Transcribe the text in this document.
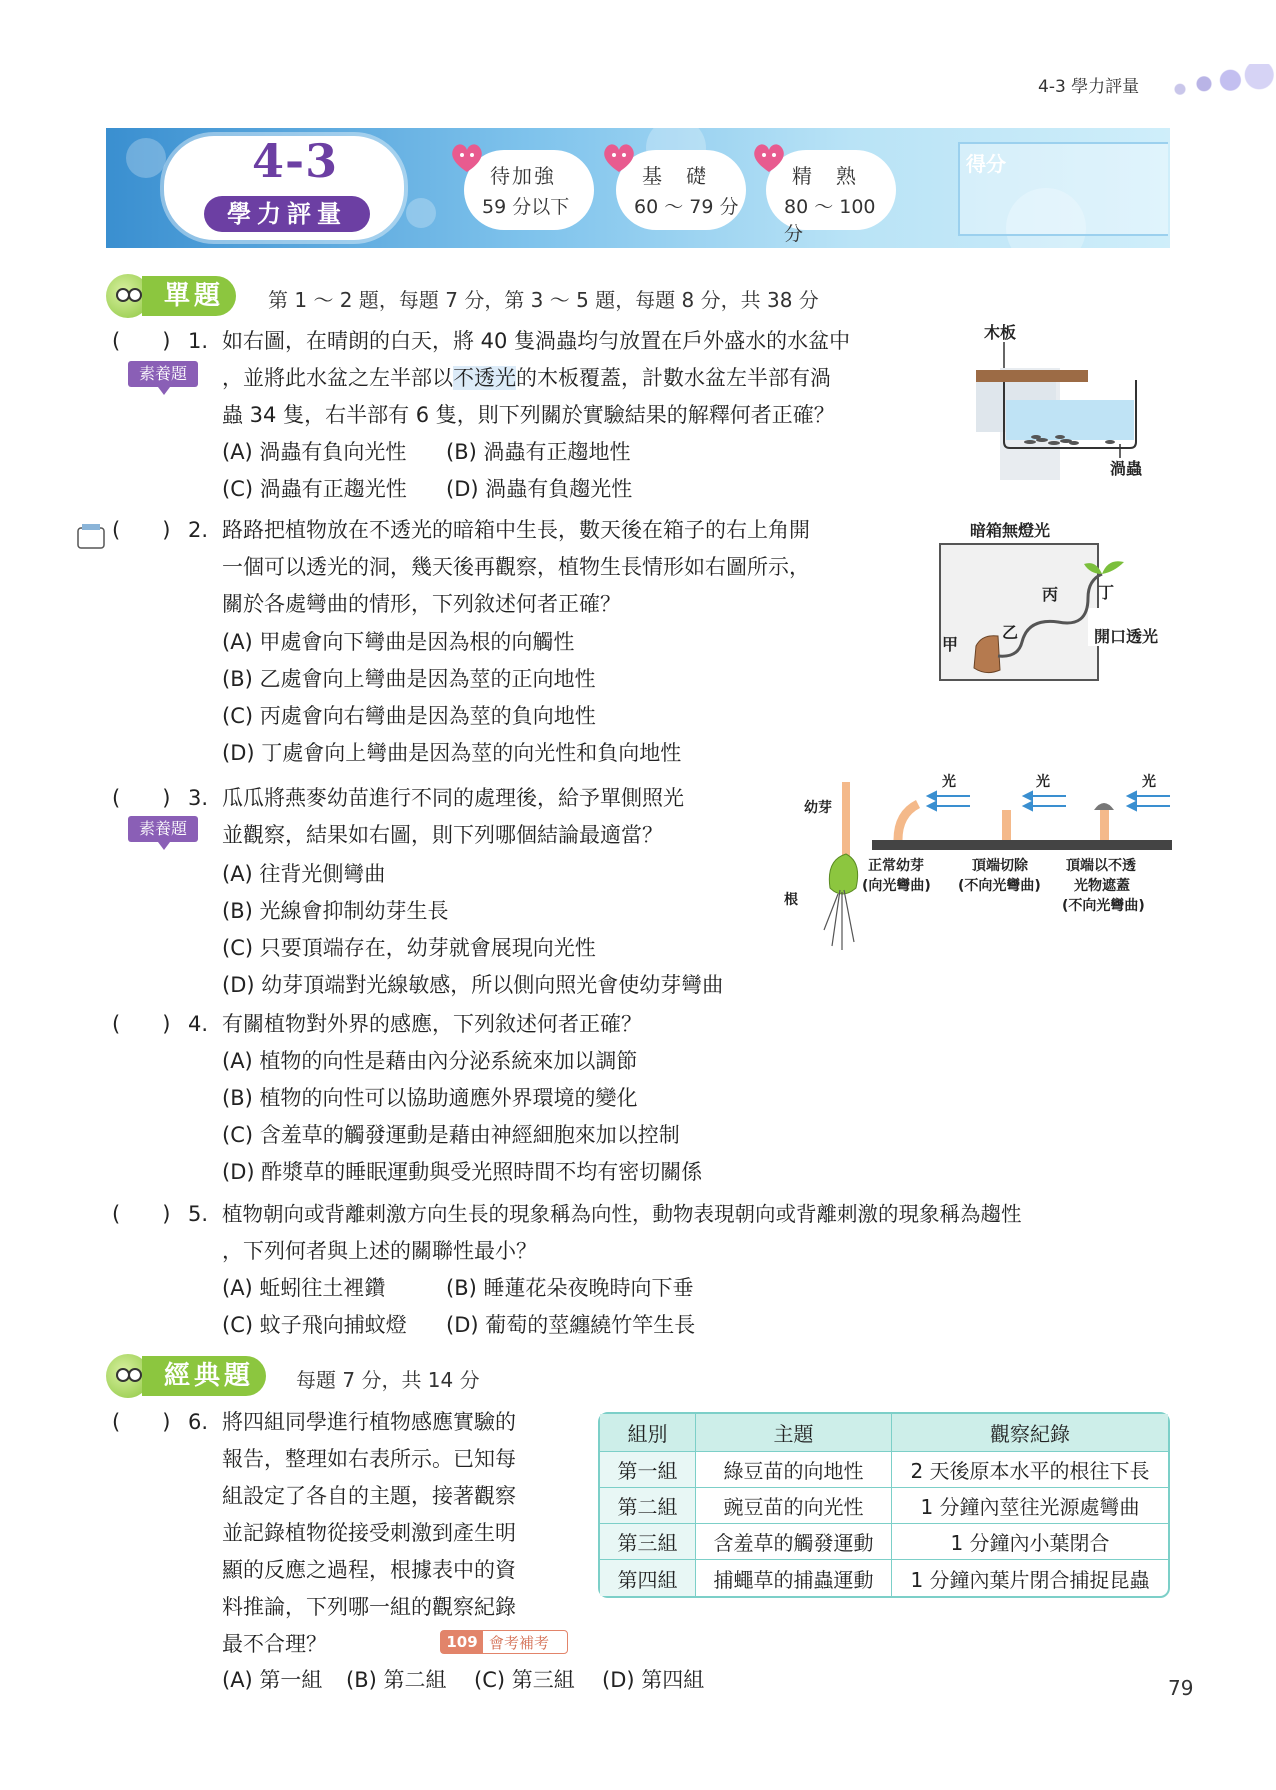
4-3 學力評量
4-3
學力評量
待加強
59 分以下
基　礎
60 ～ 79 分
精　熟
80 ～ 100 分
得分
單題	第 1 ～ 2 題，每題 7 分，第 3 ～ 5 題，每題 8 分，共 38 分
(　　) 1. 如右圖，在晴朗的白天，將 40 隻渦蟲均勻放置在戶外盛水的水盆中
，並將此水盆之左半部以不透光的木板覆蓋，計數水盆左半部有渦
蟲 34 隻，右半部有 6 隻，則下列關於實驗結果的解釋何者正確？
素養題
(A) 渦蟲有負向光性 (B) 渦蟲有正趨地性
(C) 渦蟲有正趨光性 (D) 渦蟲有負趨光性
木板
渦蟲
(　　) 2. 路路把植物放在不透光的暗箱中生長，數天後在箱子的右上角開
一個可以透光的洞，幾天後再觀察，植物生長情形如右圖所示，
關於各處彎曲的情形，下列敘述何者正確？
(A) 甲處會向下彎曲是因為根的向觸性
(B) 乙處會向上彎曲是因為莖的正向地性
(C) 丙處會向右彎曲是因為莖的負向地性
(D) 丁處會向上彎曲是因為莖的向光性和負向地性
暗箱無燈光
甲
乙
丙 丁
開口透光
(　　) 3. 瓜瓜將燕麥幼苗進行不同的處理後，給予單側照光
並觀察，結果如右圖，則下列哪個結論最適當？
素養題
(A) 往背光側彎曲
(B) 光線會抑制幼芽生長
(C) 只要頂端存在，幼芽就會展現向光性
(D) 幼芽頂端對光線敏感，所以側向照光會使幼芽彎曲
幼芽
根
光	光	光
正常幼芽
(向光彎曲)
頂端切除
(不向光彎曲)
頂端以不透
光物遮蓋
(不向光彎曲)
(　　) 4. 有關植物對外界的感應，下列敘述何者正確？
(A) 植物的向性是藉由內分泌系統來加以調節
(B) 植物的向性可以協助適應外界環境的變化
(C) 含羞草的觸發運動是藉由神經細胞來加以控制
(D) 酢漿草的睡眠運動與受光照時間不均有密切關係
(　　) 5. 植物朝向或背離刺激方向生長的現象稱為向性，動物表現朝向或背離刺激的現象稱為趨性
，下列何者與上述的關聯性最小？
(A) 蚯蚓往土裡鑽	(B) 睡蓮花朵夜晚時向下垂
(C) 蚊子飛向捕蚊燈 (D) 葡萄的莖纏繞竹竿生長
經典題	每題 7 分，共 14 分
(　　) 6. 將四組同學進行植物感應實驗的
報告，整理如右表所示。已知每
組設定了各自的主題，接著觀察
並記錄植物從接受刺激到產生明
顯的反應之過程，根據表中的資
料推論，下列哪一組的觀察紀錄
最不合理？	109 會考補考
(A) 第一組 (B) 第二組 (C) 第三組 (D) 第四組
組別	主題	觀察紀錄
第一組	綠豆苗的向地性	2 天後原本水平的根往下長
第二組	豌豆苗的向光性	1 分鐘內莖往光源處彎曲
第三組	含羞草的觸發運動	1 分鐘內小葉閉合
第四組	捕蠅草的捕蟲運動	1 分鐘內葉片閉合捕捉昆蟲
79
